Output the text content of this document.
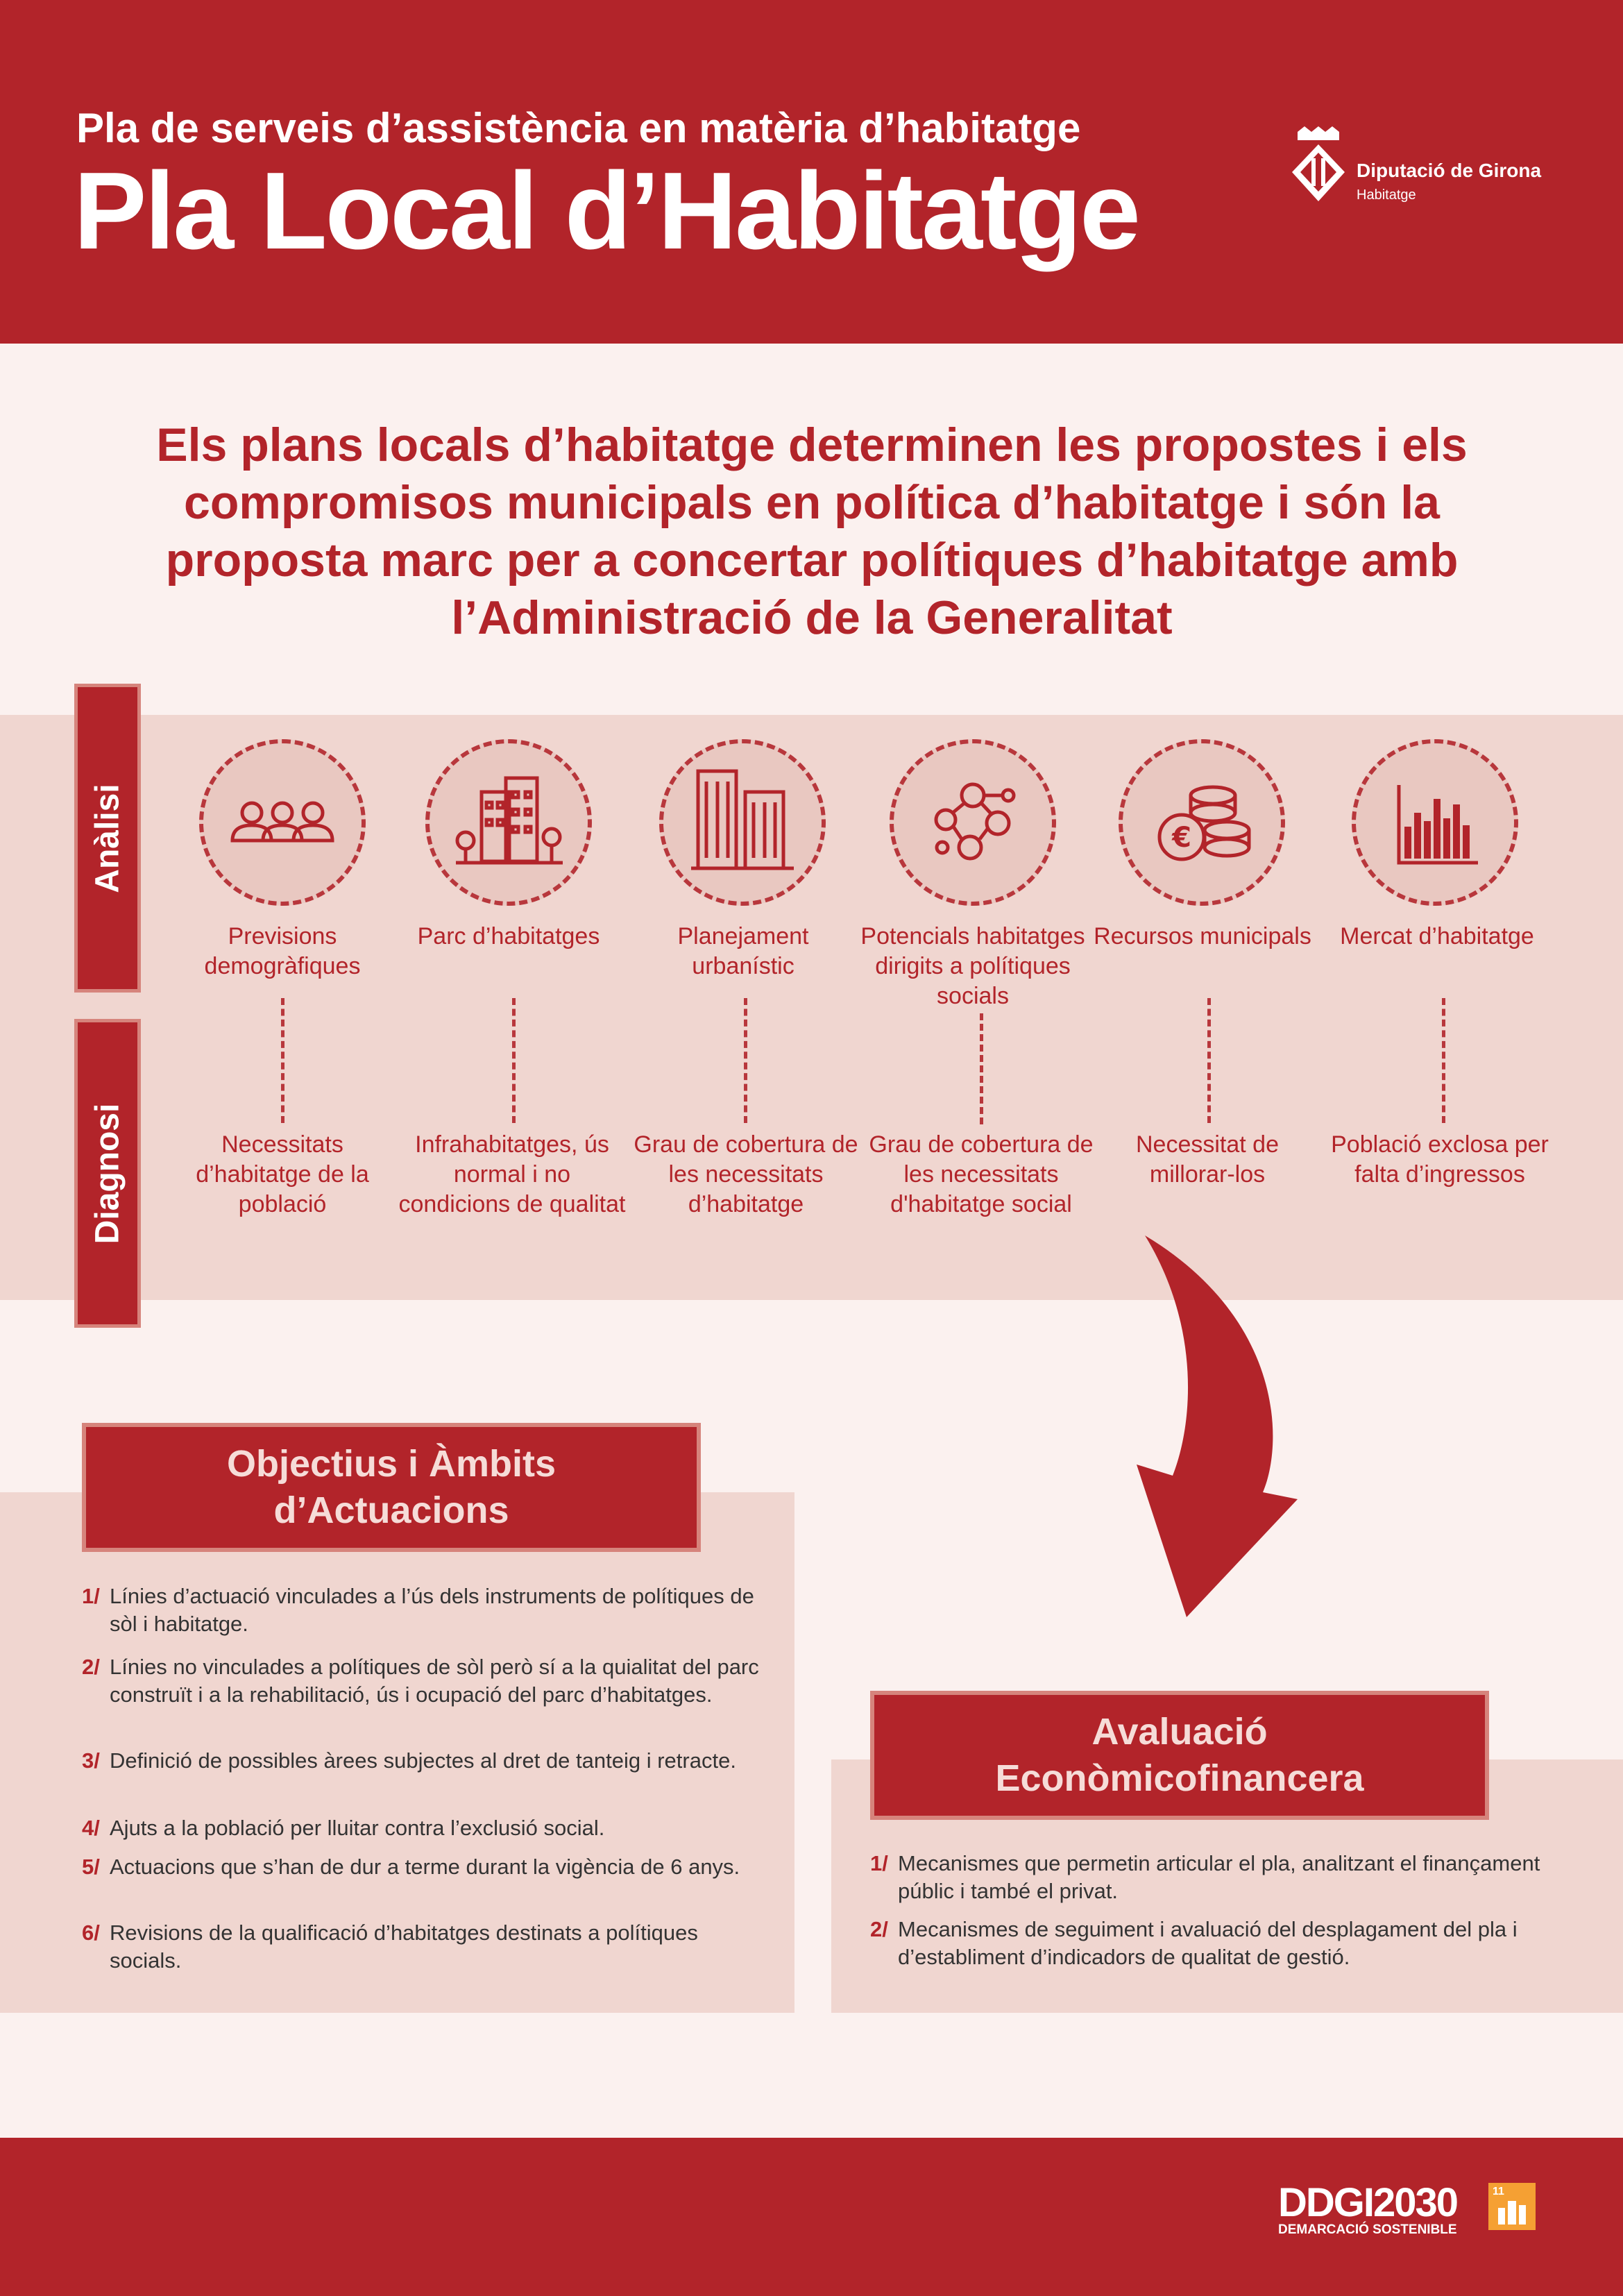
Pla de serveis d’assistència en matèria d’habitatge
Pla Local d’Habitatge	Diputació de Girona
Habitatge
Els plans locals d’habitatge determinen les propostes i els compromisos municipals en política d’habitatge i són la proposta marc per a concertar polítiques d’habitatge amb l’Administració de la Generalitat
Anàlisi
Diagnosi
Previsions demogràfiques
Necessitats d’habitatge de la població
Parc d’habitatges
Infrahabitatges, ús normal i no condicions de qualitat
Planejament urbanístic
Grau de cobertura de les necessitats d’habitatge
Potencials habitatges dirigits a polítiques socials
Grau de cobertura de les necessitats d'habitatge social
€
Recursos municipals
Necessitat de millorar-los
Mercat d’habitatge
Població exclosa per falta d’ingressos
Objectius i Àmbits d’Actuacions
1/ Línies d’actuació vinculades a l’ús dels instruments de polítiques de sòl i habitatge.
2/ Línies no vinculades a polítiques de sòl però sí a la quialitat del parc construït i a la rehabilitació, ús i ocupació del parc d’habitatges.
3/ Definició de possibles àrees subjectes al dret de tanteig i retracte.
4/ Ajuts a la població per lluitar contra l’exclusió social.
5/ Actuacions que s’han de dur a terme durant la vigència de 6 anys.
6/ Revisions de la qualificació d’habitatges destinats a polítiques socials.
Avaluació Econòmicofinancera
1/ Mecanismes que permetin articular el pla, analitzant el finançament públic i també el privat.
2/ Mecanismes de seguiment i avaluació del desplagament del pla i d’establiment d’indicadors de qualitat de gestió.
DDGI2030
DEMARCACIÓ SOSTENIBLE
11
